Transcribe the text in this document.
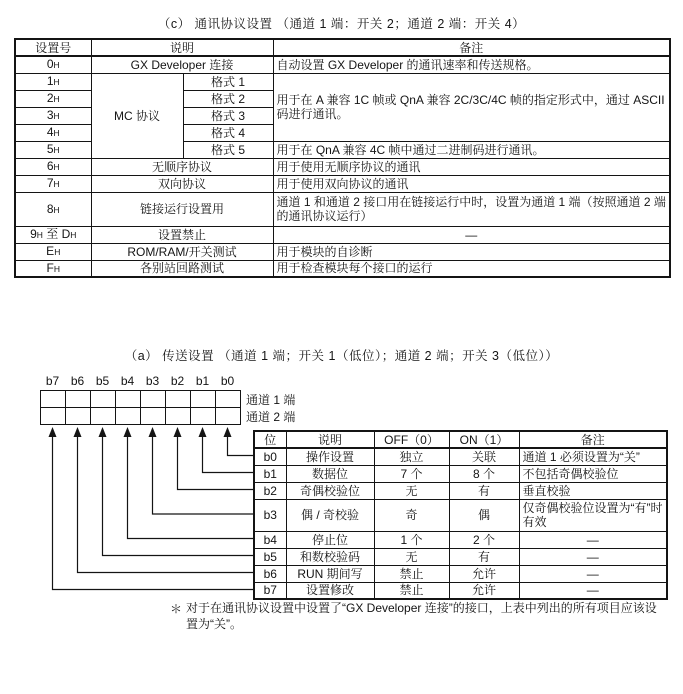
（c） 通讯协议设置 （通道 1 端：开关 2；通道 2 端：开关 4）
设置号	说明		备注
0H	GX Developer 连接		自动设置 GX Developer 的通讯速率和传送规格。
1H	MC 协议	格式 1	用于在 A 兼容 1C 帧或 QnA 兼容 2C/3C/4C 帧的指定形式中，通过 ASCII 码进行通讯。
2H		格式 2	
3H		格式 3	
4H		格式 4	
5H		格式 5	用于在 QnA 兼容 4C 帧中通过二进制码进行通讯。
6H	无顺序协议		用于使用无顺序协议的通讯
7H	双向协议		用于使用双向协议的通讯
8H	链接运行设置用		通道 1 和通道 2 接口用在链接运行中时，设置为通道 1 端（按照通道 2 端的通讯协议运行）
9H 至 DH	设置禁止		—
EH	ROM/RAM/开关测试		用于模块的自诊断
FH	各别站回路测试		用于检查模块每个接口的运行
（a） 传送设置 （通道 1 端；开关 1（低位）；通道 2 端；开关 3（低位））
b7 b6 b5 b4 b3 b2 b1 b0
通道 1 端
通道 2 端
位	说明	OFF（0）	ON（1）	备注
b0	操作设置	独立	关联	通道 1 必须设置为“关”
b1	数据位	7 个	8 个	不包括奇偶校验位
b2	奇偶校验位	无	有	垂直校验
b3	偶 / 奇校验	奇	偶	仅奇偶校验位设置为“有”时有效
b4	停止位	1 个	2 个	—
b5	和数校验码	无	有	—
b6	RUN 期间写	禁止	允许	—
b7	设置修改	禁止	允许	—
＊ 对于在通讯协议设置中设置了“GX Developer 连接”的接口，上表中列出的所有项目应该设置为“关”。
